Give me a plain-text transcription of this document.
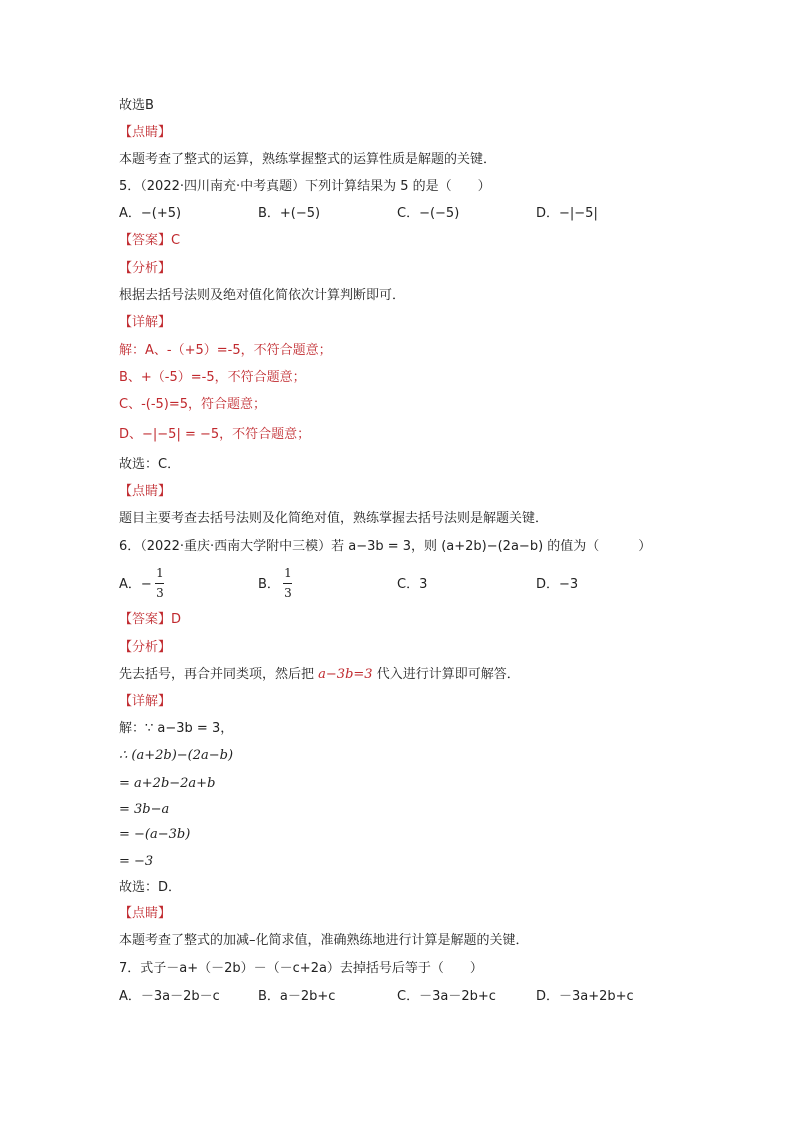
故选B
【点睛】
本题考查了整式的运算，熟练掌握整式的运算性质是解题的关键．
5．（2022·四川南充·中考真题）下列计算结果为 5 的是（　　）
A．−(+5)	B．+(−5)	C．−(−5)	D．−|−5|
【答案】C
【分析】
根据去括号法则及绝对值化简依次计算判断即可．
【详解】
解：A、-（+5）=-5，不符合题意；
B、+（-5）=-5，不符合题意；
C、-(-5)=5，符合题意；
D、−|−5| = −5，不符合题意；
故选：C．
【点睛】
题目主要考查去括号法则及化简绝对值，熟练掌握去括号法则是解题关键．
6．（2022·重庆·西南大学附中三模）若 a−3b = 3，则 (a+2b)−(2a−b) 的值为（　　　）
A．−
1
3
B．
1
3
C．3	D．−3
【答案】D
【分析】
先去括号，再合并同类项，然后把 a−3b=3 代入进行计算即可解答．
【详解】
解：∵ a−3b = 3，
∴ (a+2b)−(2a−b)
= a+2b−2a+b
= 3b−a
= −(a−3b)
= −3
故选：D．
【点睛】
本题考查了整式的加减–化简求值，准确熟练地进行计算是解题的关键．
7．式子－a+（－2b）－（－c+2a）去掉括号后等于（　　）
A．－3a－2b－c	B．a－2b+c	C．－3a－2b+c	D．－3a+2b+c
